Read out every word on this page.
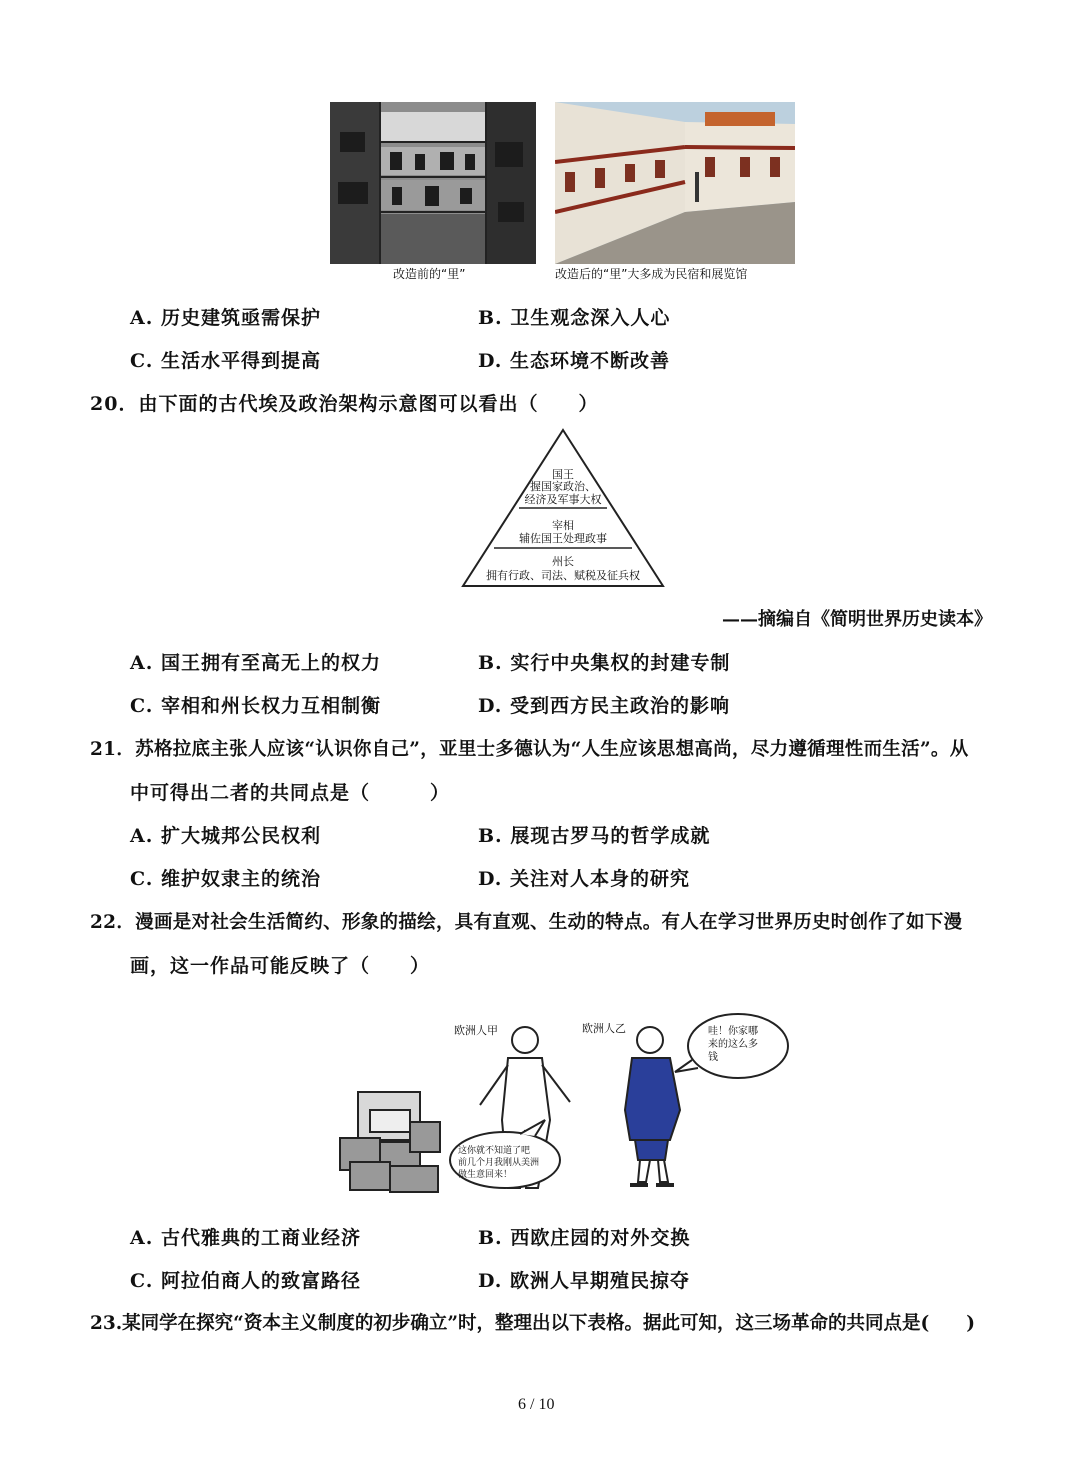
改造前的“里”	改造后的“里”大多成为民宿和展览馆
A. 历史建筑亟需保护	B. 卫生观念深入人心
C. 生活水平得到提高	D. 生态环境不断改善
20．由下面的古代埃及政治架构示意图可以看出（　　）
国王
握国家政治、
经济及军事大权
宰相
辅佐国王处理政事
州长
拥有行政、司法、赋税及征兵权
——摘编自《简明世界历史读本》
A. 国王拥有至高无上的权力	B. 实行中央集权的封建专制
C. 宰相和州长权力互相制衡	D. 受到西方民主政治的影响
21．苏格拉底主张人应该“认识你自己”，亚里士多德认为“人生应该思想高尚，尽力遵循理性而生活”。从
中可得出二者的共同点是（　　　）
A. 扩大城邦公民权利	B. 展现古罗马的哲学成就
C. 维护奴隶主的统治	D. 关注对人本身的研究
22．漫画是对社会生活简约、形象的描绘，具有直观、生动的特点。有人在学习世界历史时创作了如下漫
画，这一作品可能反映了（　　）
哇！你家哪
来的这么多
钱
这你就不知道了吧
前几个月我刚从美洲
做生意回来！
欧洲人甲	欧洲人乙
A. 古代雅典的工商业经济	B. 西欧庄园的对外交换
C. 阿拉伯商人的致富路径	D. 欧洲人早期殖民掠夺
23.某同学在探究“资本主义制度的初步确立”时，整理出以下表格。据此可知，这三场革命的共同点是(　　)
6 / 10
